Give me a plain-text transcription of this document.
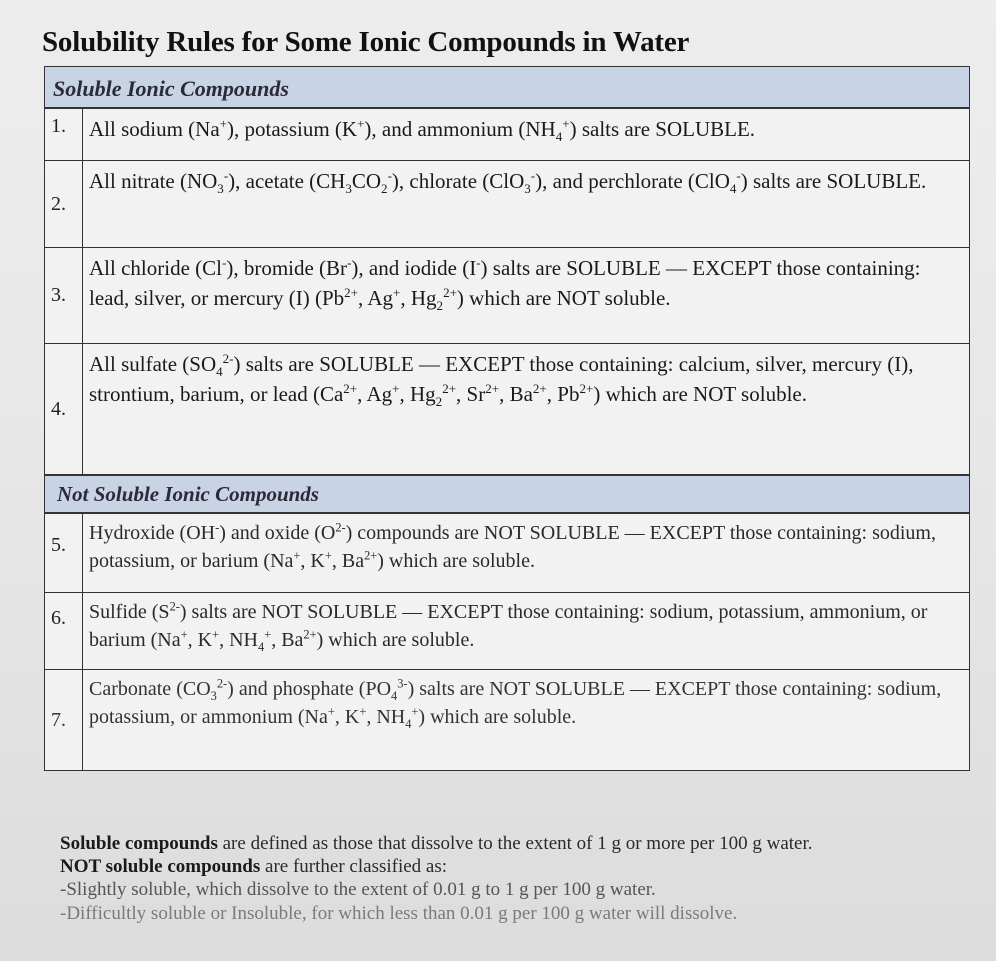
Solubility Rules for Some Ionic Compounds in Water
Soluble Ionic Compounds
1.	All sodium (Na+), potassium (K+), and ammonium $(NH_4^+)$ salts are SOLUBLE.
2.
All nitrate $(NO_3^-)$, acetate $(CH_3CO_2^-)$, chlorate (ClO$_3$-), and perchlorate (ClO$_4$-) salts are SOLUBLE.
3.
All chloride (Cl-), bromide (Br-), and iodide (I-) salts are SOLUBLE — EXCEPT those containing: lead, silver, or mercury (I) ($Pb^{2+}$, Ag+, $Hg_2^{2+}$) which are NOT soluble.
4.
All sulfate $(SO_4^{2-})$ salts are SOLUBLE — EXCEPT those containing: calcium, silver, mercury (I), strontium, barium, or lead ($Ca^{2+}$, Ag+, $Hg_2^{2+}$, $Sr^{2+}$, $Ba^{2+}$, $Pb^{2+}$) which are NOT soluble.
Not Soluble Ionic Compounds
5.
Hydroxide (OH-) and oxide $(O^{2-})$ compounds are NOT SOLUBLE — EXCEPT those containing: sodium, potassium, or barium (Na+, K+, $Ba^{2+}$) which are soluble.
6.	Sulfide $(S^{2-})$ salts are NOT SOLUBLE — EXCEPT those containing: sodium, potassium, ammonium, or barium (Na+, K+, $NH_4^+$, $Ba^{2+}$) which are soluble.
7.
Carbonate $(CO_3^{2-})$ and phosphate $(PO_4^{3-})$ salts are NOT SOLUBLE — EXCEPT those containing: sodium, potassium, or ammonium (Na+, K+, $NH_4^+$) which are soluble.
Soluble compounds are defined as those that dissolve to the extent of 1 g or more per 100 g water.
NOT soluble compounds are further classified as:
-Slightly soluble, which dissolve to the extent of 0.01 g to 1 g per 100 g water.
-Difficultly soluble or Insoluble, for which less than 0.01 g per 100 g water will dissolve.
